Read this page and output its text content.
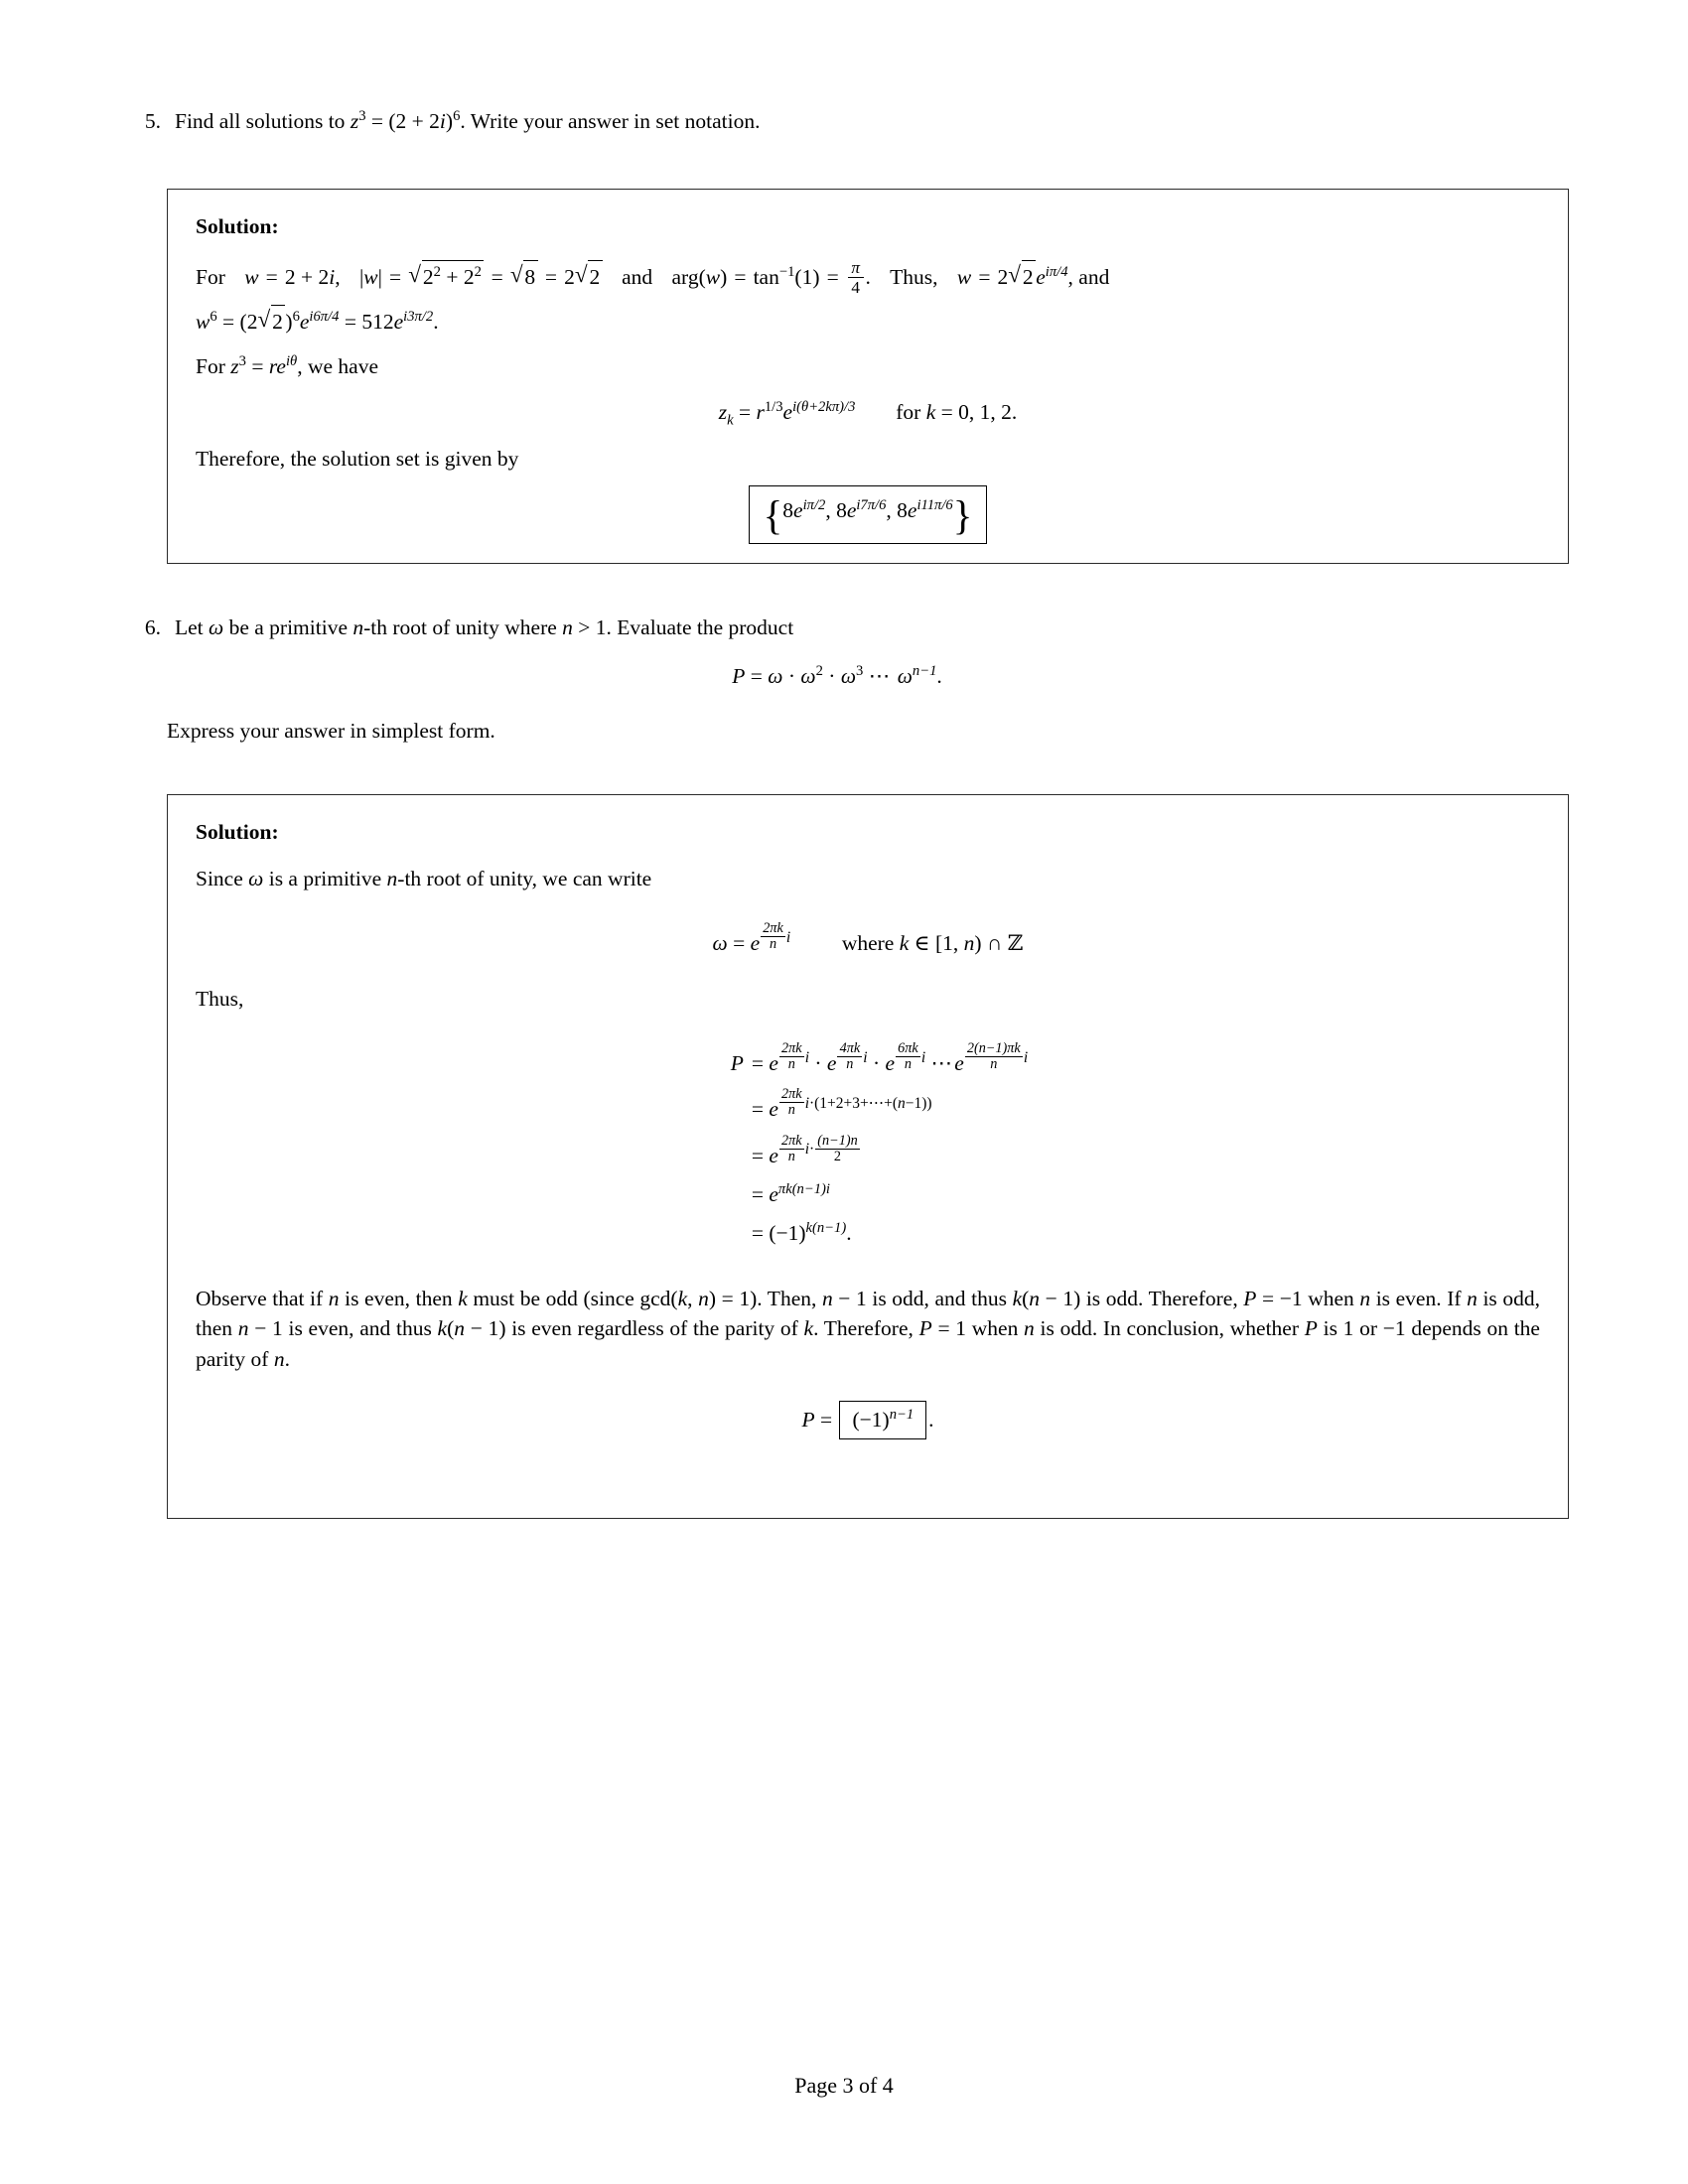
5. Find all solutions to $z^3 = (2 + 2i)^6$. Write your answer in set notation.
Solution:
For w = 2 + 2i, |w| = √ $2^2 + 2^2$ = √ 8 = 2 √ 2 and $arg(w) = \tan^{-1}(1) = \frac{\pi}{4}$ . Thus, w = 2 √ 2 $e^{i\pi/4}$, and
$w^6 = (2$ √ 2 )$^6e^{i6\pi/4} = 512e^{i3\pi/2}$.
For $z^3 = re^{i\theta}$, we have
$z_k = r^{1/3}e^{i(\theta+2k\pi)/3}$ for k = 0, 1, 2.
Therefore, the solution set is given by
{$8e^{i\pi/2}$, $8e^{i7\pi/6}$, $8e^{i11\pi/6}$}
6. Let ω be a primitive n-th root of unity where n > 1. Evaluate the product
$P = \omega \cdot \omega^2 \cdot \omega^3$ ⋯ $\omega^{n-1}$.
Express your answer in simplest form.
Solution:
Since ω is a primitive n-th root of unity, we can write
ω = e $^{\frac{2\pi k}{n} i}$ where k ∈ [1, n) ∩ ℤ
Thus,
P = e $^{\frac{2\pi k}{n} i}$ · e $^{\frac{4\pi k}{n} i}$ · e $^{\frac{6\pi k}{n} i}$ ⋯e $^{\frac{2(n-1)\pi k}{n} i}$
= e $^{\frac{2\pi k}{n} i\cdot(1+2+3+\cdots+(n-1))}$
= e $^{\frac{2\pi k}{n} i\cdot \frac{(n-1)n}{2}}$
= $e^{\pi k(n-1)i}$
= $(-1)^{k(n-1)}$.
Observe that if n is even, then k must be odd (since gcd(k, n) = 1). Then, n − 1 is odd, and thus k(n − 1) is odd. Therefore, P = −1 when n is even. If n is odd, then n − 1 is even, and thus k(n − 1) is even regardless of the parity of k. Therefore, P = 1 when n is odd. In conclusion, whether P is 1 or −1 depends on the parity of n.
$P = (-1)^{n-1}$ .
Page 3 of 4
